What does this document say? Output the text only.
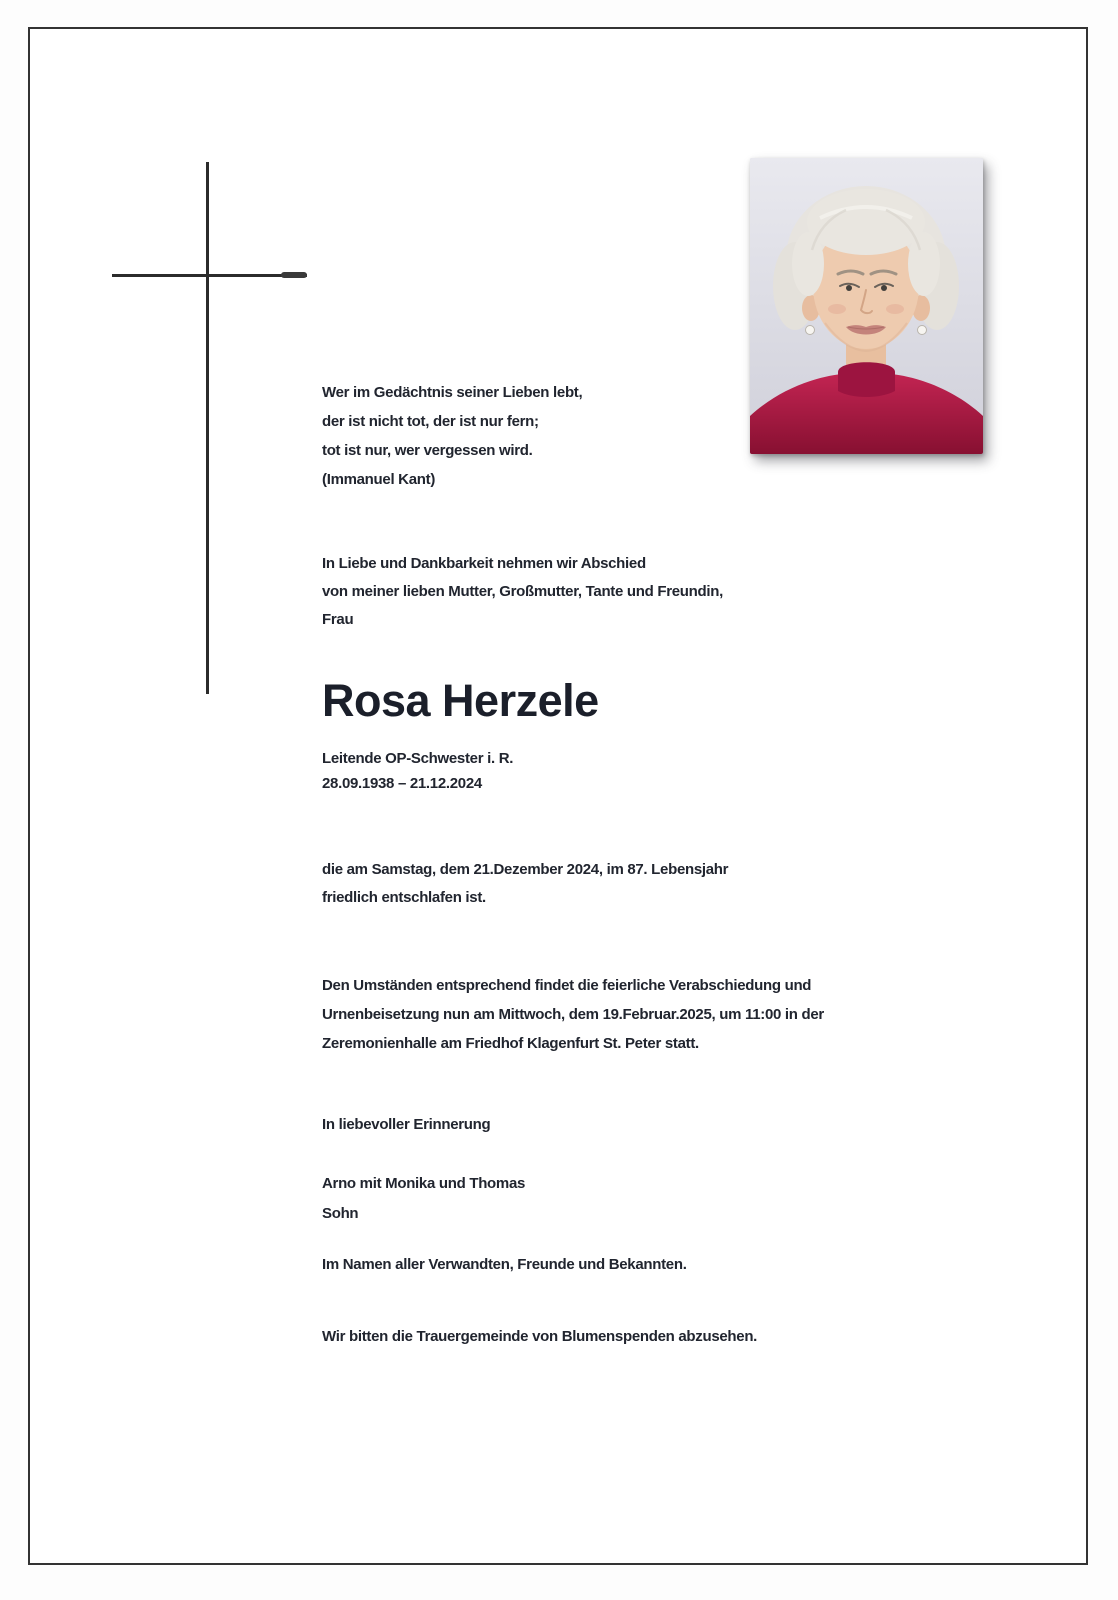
Wer im Gedächtnis seiner Lieben lebt,
der ist nicht tot, der ist nur fern;
tot ist nur, wer vergessen wird.
(Immanuel Kant)
In Liebe und Dankbarkeit nehmen wir Abschied
von meiner lieben Mutter, Großmutter, Tante und Freundin,
Frau
Rosa Herzele
Leitende OP-Schwester i. R.
28.09.1938 – 21.12.2024
die am Samstag, dem 21.Dezember 2024, im 87. Lebensjahr
friedlich entschlafen ist.
Den Umständen entsprechend findet die feierliche Verabschiedung und
Urnenbeisetzung nun am Mittwoch, dem 19.Februar.2025, um 11:00 in der
Zeremonienhalle am Friedhof Klagenfurt St. Peter statt.
In liebevoller Erinnerung
Arno mit Monika und Thomas
Sohn
Im Namen aller Verwandten, Freunde und Bekannten.
Wir bitten die Trauergemeinde von Blumenspenden abzusehen.
